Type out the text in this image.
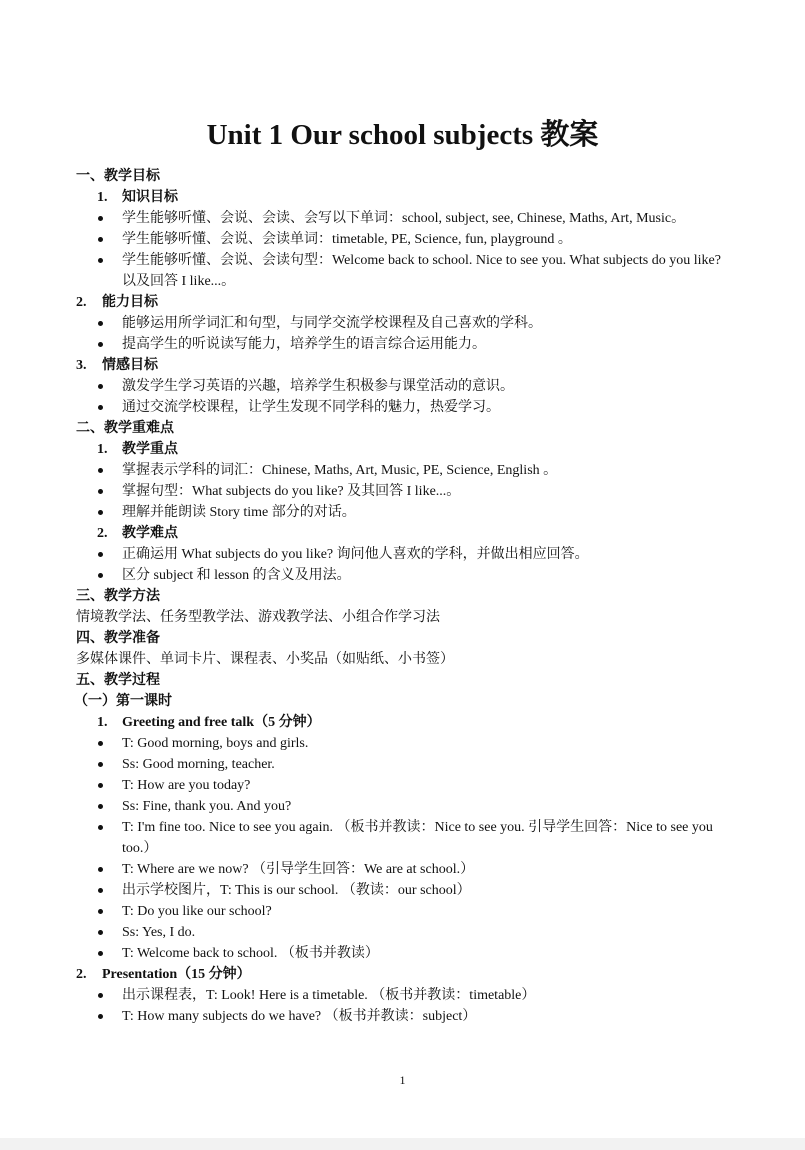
Unit 1 Our school subjects 教案
一、教学目标
1. 知识目标
学生能够听懂、会说、会读、会写以下单词：school, subject, see, Chinese, Maths, Art, Music。
学生能够听懂、会说、会读单词：timetable, PE, Science, fun, playground 。
学生能够听懂、会说、会读句型：Welcome back to school. Nice to see you. What subjects do you like? 以及回答 I like...。
2. 能力目标
能够运用所学词汇和句型，与同学交流学校课程及自己喜欢的学科。
提高学生的听说读写能力，培养学生的语言综合运用能力。
3. 情感目标
激发学生学习英语的兴趣，培养学生积极参与课堂活动的意识。
通过交流学校课程，让学生发现不同学科的魅力，热爱学习。
二、教学重难点
1. 教学重点
掌握表示学科的词汇：Chinese, Maths, Art, Music, PE, Science, English 。
掌握句型：What subjects do you like? 及其回答 I like...。
理解并能朗读 Story time 部分的对话。
2. 教学难点
正确运用 What subjects do you like? 询问他人喜欢的学科，并做出相应回答。
区分 subject 和 lesson 的含义及用法。
三、教学方法
情境教学法、任务型教学法、游戏教学法、小组合作学习法
四、教学准备
多媒体课件、单词卡片、课程表、小奖品（如贴纸、小书签）
五、教学过程
（一）第一课时
1. Greeting and free talk（5 分钟）
T: Good morning, boys and girls.
Ss: Good morning, teacher.
T: How are you today?
Ss: Fine, thank you. And you?
T: I'm fine too. Nice to see you again. （板书并教读：Nice to see you. 引导学生回答：Nice to see you too.）
T: Where are we now? （引导学生回答：We are at school.）
出示学校图片，T: This is our school. （教读：our school）
T: Do you like our school?
Ss: Yes, I do.
T: Welcome back to school. （板书并教读）
2. Presentation（15 分钟）
出示课程表，T: Look! Here is a timetable. （板书并教读：timetable）
T: How many subjects do we have? （板书并教读：subject）
1
